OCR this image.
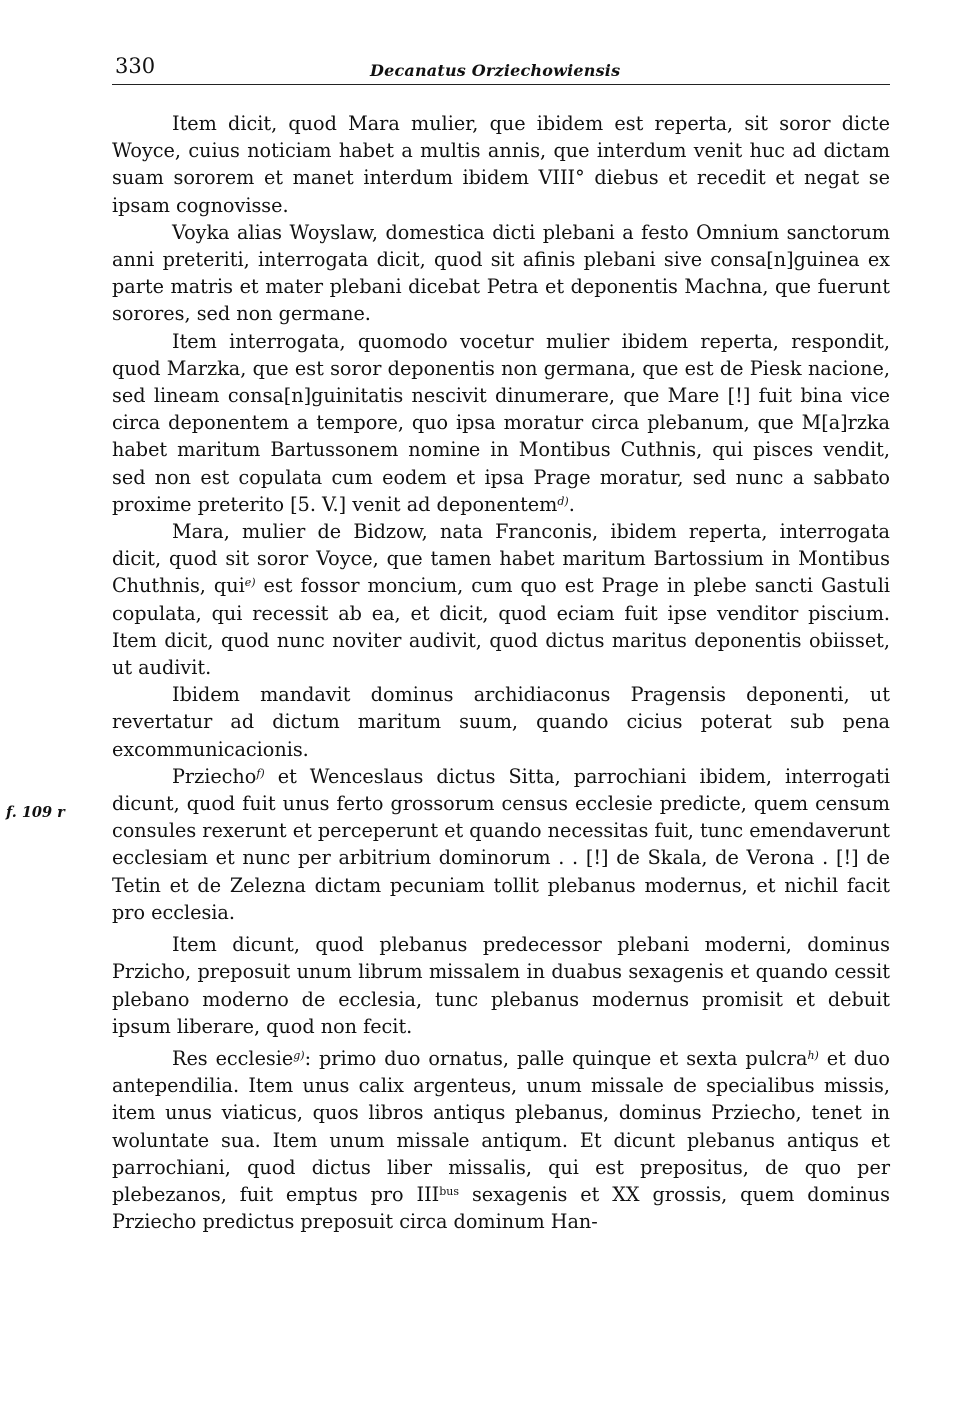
330	Decanatus Orziechowiensis
f. 109 r

Item dicit, quod Mara mulier, que ibidem est reperta, sit soror dicte Woyce, cuius noticiam habet a multis annis, que interdum venit huc ad dictam suam sororem et manet interdum ibidem VIII° diebus et recedit et negat se ipsam cognovisse.

Voyka alias Woyslaw, domestica dicti plebani a festo Omnium sanctorum anni preteriti, interrogata dicit, quod sit afinis plebani sive consa[n]guinea ex parte matris et mater plebani dicebat Petra et deponentis Machna, que fuerunt sorores, sed non germane.

Item interrogata, quomodo vocetur mulier ibidem reperta, respondit, quod Marzka, que est soror deponentis non germana, que est de Piesk nacione, sed lineam consa[n]guinitatis nescivit dinumerare, que Mare [!] fuit bina vice circa deponentem a tempore, quo ipsa moratur circa plebanum, que M[a]rzka habet maritum Bartussonem nomine in Montibus Cuthnis, qui pisces vendit, sed non est copulata cum eodem et ipsa Prage moratur, sed nunc a sabbato proxime preterito [5. V.] venit ad deponentem$^{d)}$.

Mara, mulier de Bidzow, nata Franconis, ibidem reperta, interrogata dicit, quod sit soror Voyce, que tamen habet maritum Bartossium in Montibus Chuthnis, qui$^{e)}$ est fossor moncium, cum quo est Prage in plebe sancti Gastuli copulata, qui recessit ab ea, et dicit, quod eciam fuit ipse venditor piscium. Item dicit, quod nunc noviter audivit, quod dictus maritus deponentis obiisset, ut audivit.

Ibidem mandavit dominus archidiaconus Pragensis deponenti, ut revertatur ad dictum maritum suum, quando cicius poterat sub pena excommunicacionis.

Prziecho$^{f)}$ et Wenceslaus dictus Sitta, parrochiani ibidem, interrogati dicunt, quod fuit unus ferto grossorum census ecclesie predicte, quem censum consules rexerunt et perceperunt et quando necessitas fuit, tunc emendaverunt ecclesiam et nunc per arbitrium dominorum . . [!] de Skala, de Verona . [!] de Tetin et de Zelezna dictam pecuniam tollit plebanus modernus, et nichil facit pro ecclesia.

Item dicunt, quod plebanus predecessor plebani moderni, dominus Przicho, preposuit unum librum missalem in duabus sexagenis et quando cessit plebano moderno de ecclesia, tunc plebanus modernus promisit et debuit ipsum liberare, quod non fecit.

Res ecclesie$^{g)}$: primo duo ornatus, palle quinque et sexta pulcra$^{h)}$ et duo antependilia. Item unus calix argenteus, unum missale de specialibus missis, item unus viaticus, quos libros antiqus plebanus, dominus Prziecho, tenet in woluntate sua. Item unum missale antiqum. Et dicunt plebanus antiqus et parrochiani, quod dictus liber missalis, qui est prepositus, de quo per plebezanos, fuit emptus pro $III^{bus}$ sexagenis et XX grossis, quem dominus Prziecho predictus preposuit circa dominum Han-
